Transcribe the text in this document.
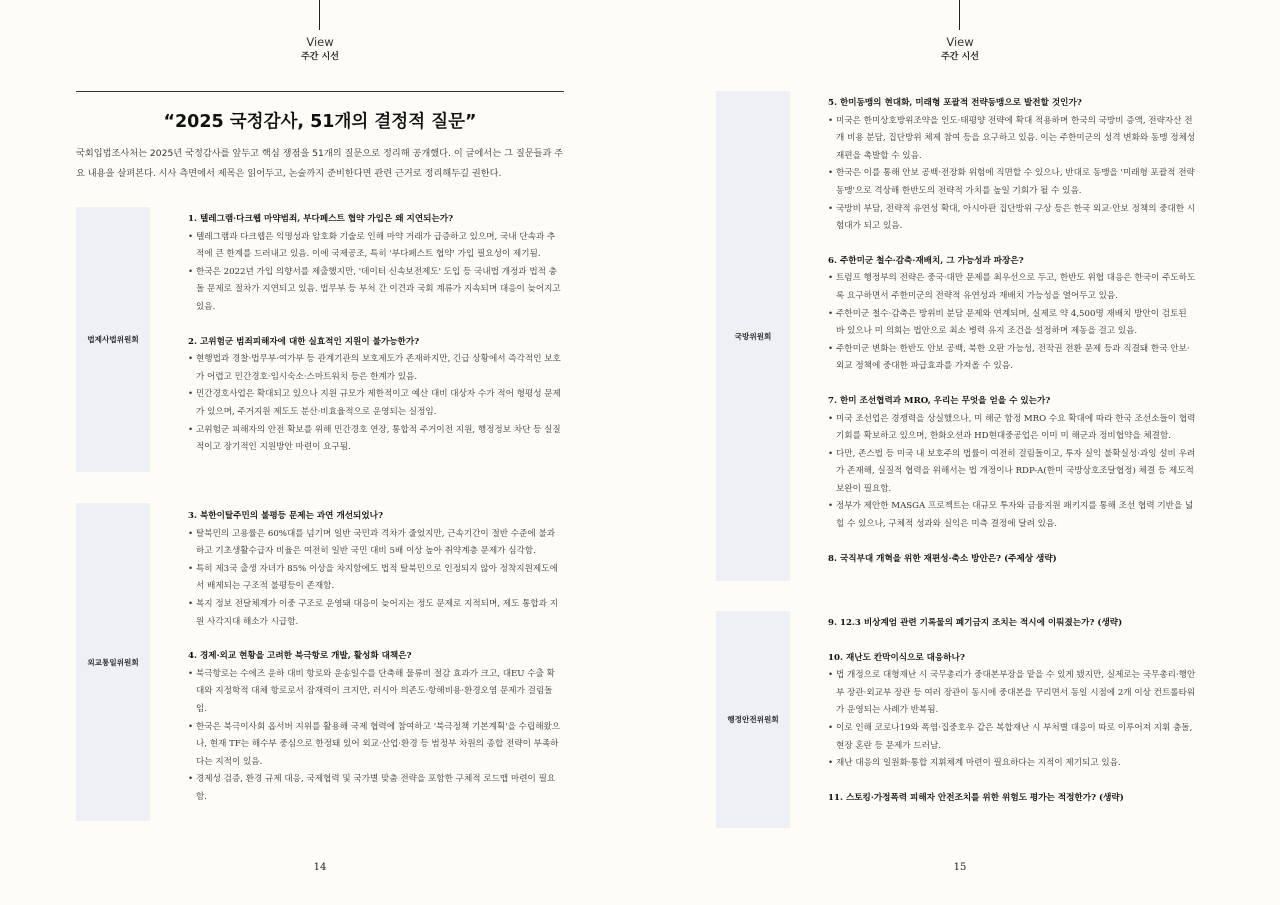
View
주간 시선
“2025 국정감사, 51개의 결정적 질문”
국회입법조사처는 2025년 국정감사를 앞두고 핵심 쟁점을 51개의 질문으로 정리해 공개했다. 이 글에서는 그 질문들과 주요 내용을 살펴본다. 시사 측면에서 제목은 읽어두고, 논술까지 준비한다면 관련 근거로 정리해두길 권한다.
법제사법위원회
외교통일위원회

1. 텔레그램·다크웹 마약범죄, 부다페스트 협약 가입은 왜 지연되는가?

• 텔레그램과 다크웹은 익명성과 암호화 기술로 인해 마약 거래가 급증하고 있으며, 국내 단속과 추적에 큰 한계를 드러내고 있음. 이에 국제공조, 특히 '부다페스트 협약' 가입 필요성이 제기됨.

• 한국은 2022년 가입 의향서를 제출했지만, '데이터 신속보전제도' 도입 등 국내법 개정과 법적 충돌 문제로 절차가 지연되고 있음. 법무부 등 부처 간 이견과 국회 계류가 지속되며 대응이 늦어지고 있음.

2. 고위험군 범죄피해자에 대한 실효적인 지원이 불가능한가?

• 현행법과 경찰·법무부·여가부 등 관계기관의 보호제도가 존재하지만, 긴급 상황에서 즉각적인 보호가 어렵고 민간경호·임시숙소·스마트워치 등은 한계가 있음.

• 민간경호사업은 확대되고 있으나 지원 규모가 제한적이고 예산 대비 대상자 수가 적어 형평성 문제가 있으며, 주거지원 제도도 분산·비효율적으로 운영되는 실정임.

• 고위험군 피해자의 안전 확보를 위해 민간경호 연장, 통합적 주거이전 지원, 행정정보 차단 등 실질적이고 장기적인 지원방안 마련이 요구됨.

3. 북한이탈주민의 불평등 문제는 과연 개선되었나?

• 탈북민의 고용률은 60%대를 넘기며 일반 국민과 격차가 줄었지만, 근속기간이 절반 수준에 불과하고 기초생활수급자 비율은 여전히 일반 국민 대비 5배 이상 높아 취약계층 문제가 심각함.

• 특히 제3국 출생 자녀가 85% 이상을 차지함에도 법적 탈북민으로 인정되지 않아 정착지원제도에서 배제되는 구조적 불평등이 존재함.

• 복지 정보 전달체계가 이중 구조로 운영돼 대응이 늦어지는 정도 문제로 지적되며, 제도 통합과 지원 사각지대 해소가 시급함.

4. 경제·외교 현황을 고려한 북극항로 개발, 활성화 대책은?

• 북극항로는 수에즈 운하 대비 항로와 운송일수를 단축해 물류비 절감 효과가 크고, 대EU 수출 확대와 지정학적 대체 항로로서 잠재력이 크지만, 러시아 의존도·항해비용·환경오염 문제가 걸림돌임.

• 한국은 북극이사회 옵서버 지위를 활용해 국제 협력에 참여하고 '북극정책 기본계획'을 수립해왔으나, 현재 TF는 해수부 중심으로 한정돼 있어 외교·산업·환경 등 범정부 차원의 종합 전략이 부족하다는 지적이 있음.

• 경제성 검증, 환경 규제 대응, 국제협력 및 국가별 맞춤 전략을 포함한 구체적 로드맵 마련이 필요함.

14
View
주간 시선
국방위원회
행정안전위원회

5. 한미동맹의 현대화, 미래형 포괄적 전략동맹으로 발전할 것인가?

• 미국은 한미상호방위조약을 인도·태평양 전략에 확대 적용하며 한국의 국방비 증액, 전략자산 전개 비용 분담, 집단방위 체제 참여 등을 요구하고 있음. 이는 주한미군의 성격 변화와 동맹 정체성 재편을 촉발할 수 있음.

• 한국은 이를 통해 안보 공백·전장화 위험에 직면할 수 있으나, 반대로 동맹을 '미래형 포괄적 전략동맹'으로 격상해 한반도의 전략적 가치를 높일 기회가 될 수 있음.

• 국방비 부담, 전략적 유연성 확대, 아시아판 집단방위 구상 등은 한국 외교·안보 정책의 중대한 시험대가 되고 있음.

6. 주한미군 철수·감축·재배치, 그 가능성과 파장은?

• 트럼프 행정부의 전략은 중국·대만 문제를 최우선으로 두고, 한반도 위협 대응은 한국이 주도하도록 요구하면서 주한미군의 전략적 유연성과 재배치 가능성을 열어두고 있음.

• 주한미군 철수·감축은 방위비 분담 문제와 연계되며, 실제로 약 4,500명 재배치 방안이 검토된 바 있으나 미 의회는 법안으로 최소 병력 유지 조건을 설정하며 제동을 걸고 있음.

• 주한미군 변화는 한반도 안보 공백, 북한 오판 가능성, 전작권 전환 문제 등과 직결돼 한국 안보·외교 정책에 중대한 파급효과를 가져올 수 있음.

7. 한미 조선협력과 MRO, 우리는 무엇을 얻을 수 있는가?

• 미국 조선업은 경쟁력을 상실했으나, 미 해군 함정 MRO 수요 확대에 따라 한국 조선소들이 협력 기회를 확보하고 있으며, 한화오션과 HD현대중공업은 이미 미 해군과 정비협약을 체결함.

• 다만, 존스법 등 미국 내 보호주의 법률이 여전히 걸림돌이고, 투자 실익 불확실성·과잉 설비 우려가 존재해, 실질적 협력을 위해서는 법 개정이나 RDP-A(한미 국방상호조달협정) 체결 등 제도적 보완이 필요함.

• 정부가 제안한 MASGA 프로젝트는 대규모 투자와 금융지원 패키지를 통해 조선 협력 기반을 넓힐 수 있으나, 구체적 성과와 실익은 미측 결정에 달려 있음.

8. 국직부대 개혁을 위한 재편성·축소 방안은? (주제상 생략)

9. 12.3 비상계엄 관련 기록물의 폐기금지 조치는 적시에 이뤄졌는가? (생략)

10. 재난도 칸막이식으로 대응하나?

• 법 개정으로 대형재난 시 국무총리가 중대본부장을 맡을 수 있게 됐지만, 실제로는 국무총리·행안부 장관·외교부 장관 등 여러 장관이 동시에 중대본을 꾸리면서 동일 시점에 2개 이상 컨트롤타워가 운영되는 사례가 반복됨.

• 이로 인해 코로나19와 폭염·집중호우 같은 복합재난 시 부처별 대응이 따로 이루어져 지휘 충돌, 현장 혼란 등 문제가 드러남.

• 재난 대응의 일원화·통합 지휘체계 마련이 필요하다는 지적이 제기되고 있음.

11. 스토킹·가정폭력 피해자 안전조치를 위한 위험도 평가는 적정한가? (생략)

15
